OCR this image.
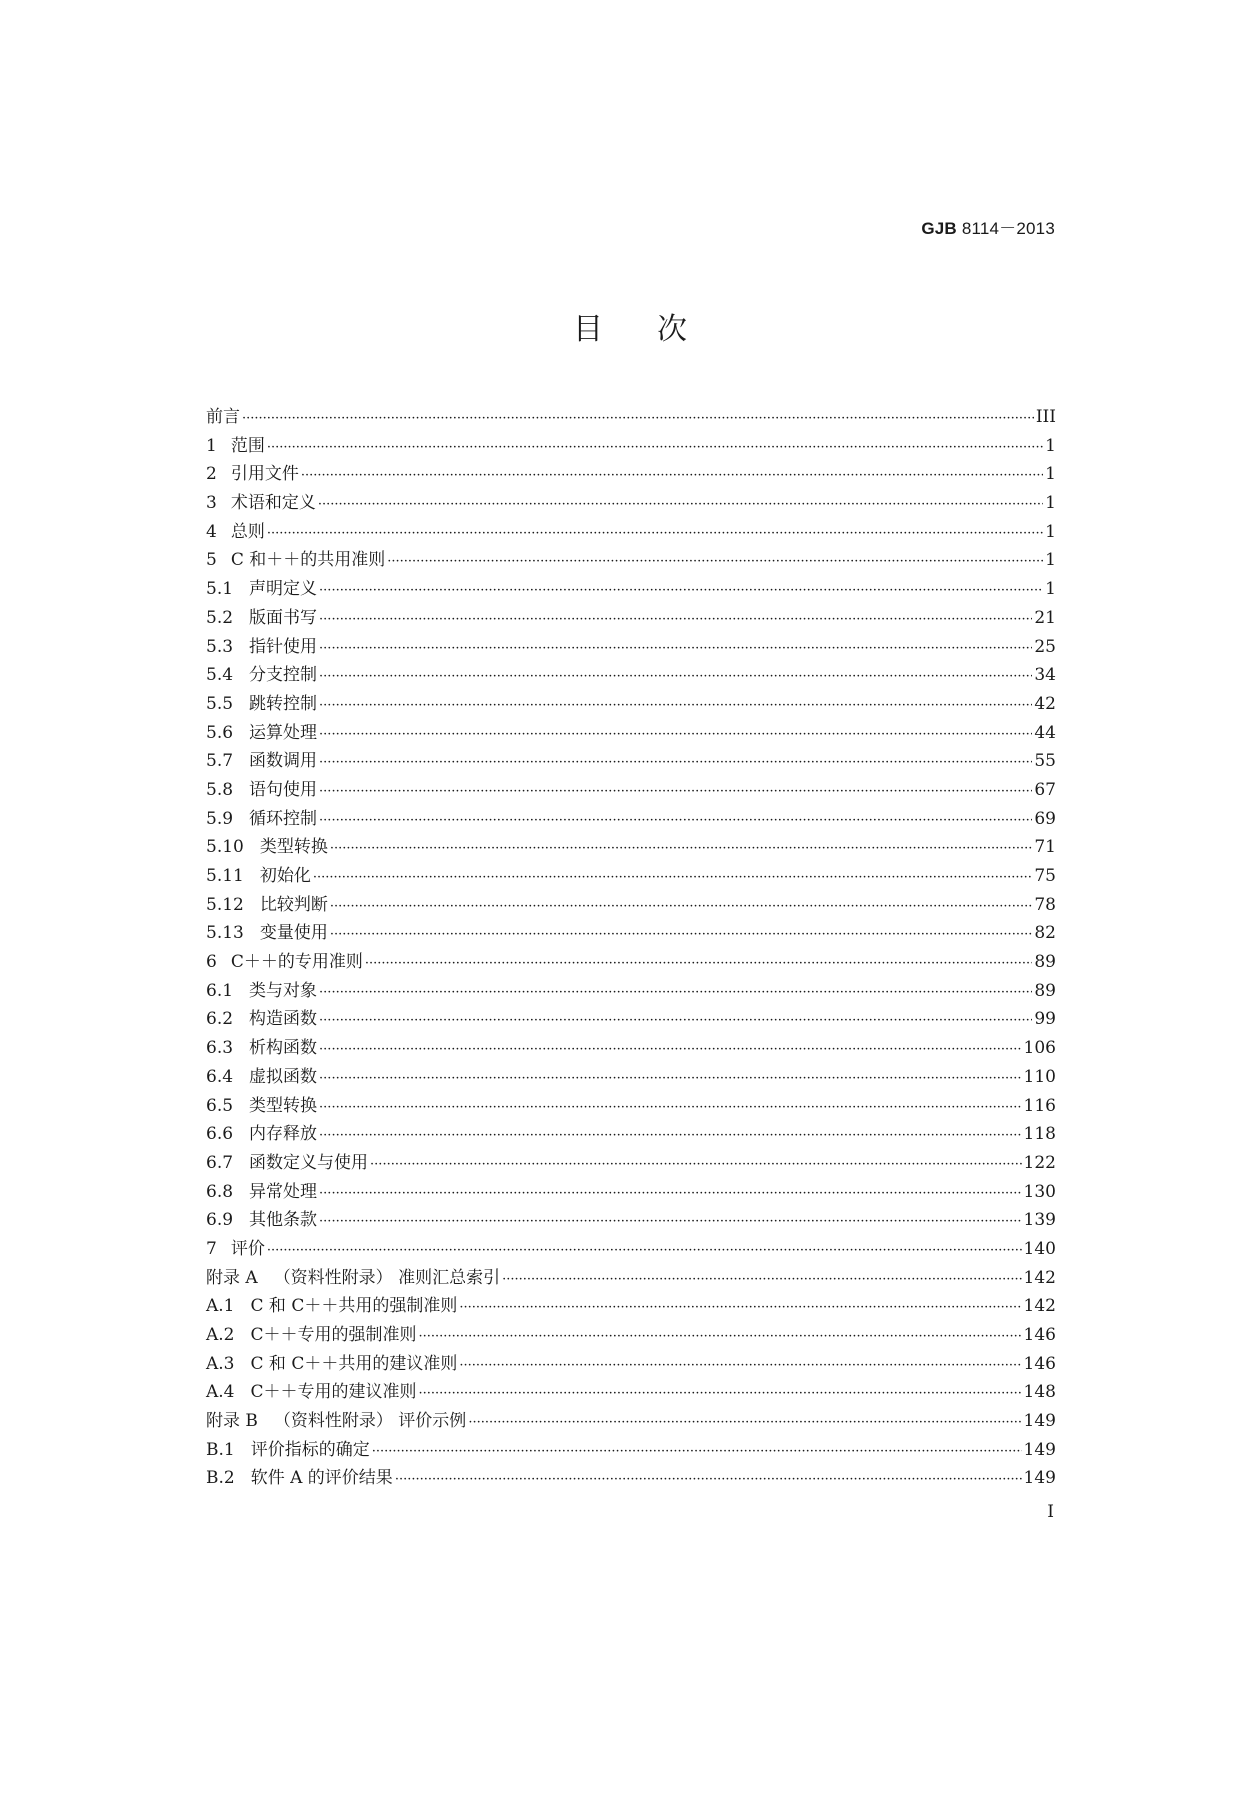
GJB 8114－2013
目 次
前言 ·····	III
1 范围 ·····	1
2 引用文件 ·····	1
3 术语和定义 ·····	1
4 总则 ·····	1
5 C 和＋＋的共用准则 ·····	1
5.1 声明定义 ·····	1
5.2 版面书写 ·····	21
5.3 指针使用 ·····	25
5.4 分支控制 ·····	34
5.5 跳转控制 ·····	42
5.6 运算处理 ·····	44
5.7 函数调用 ·····	55
5.8 语句使用 ·····	67
5.9 循环控制 ·····	69
5.10 类型转换 ·····	71
5.11 初始化 ·····	75
5.12 比较判断 ·····	78
5.13 变量使用 ·····	82
6 C＋＋的专用准则 ·····	89
6.1 类与对象 ·····	89
6.2 构造函数 ·····	99
6.3 析构函数 ·····	106
6.4 虚拟函数 ·····	110
6.5 类型转换 ·····	116
6.6 内存释放 ·····	118
6.7 函数定义与使用 ·····	122
6.8 异常处理 ·····	130
6.9 其他条款 ·····	139
7 评价 ·····	140
附录 A （资料性附录） 准则汇总索引 ·····	142
A.1 C 和 C＋＋共用的强制准则 ·····	142
A.2 C＋＋专用的强制准则 ·····	146
A.3 C 和 C＋＋共用的建议准则 ·····	146
A.4 C＋＋专用的建议准则 ·····	148
附录 B （资料性附录） 评价示例 ·····	149
B.1 评价指标的确定 ·····	149
B.2 软件 A 的评价结果 ·····	149
I
